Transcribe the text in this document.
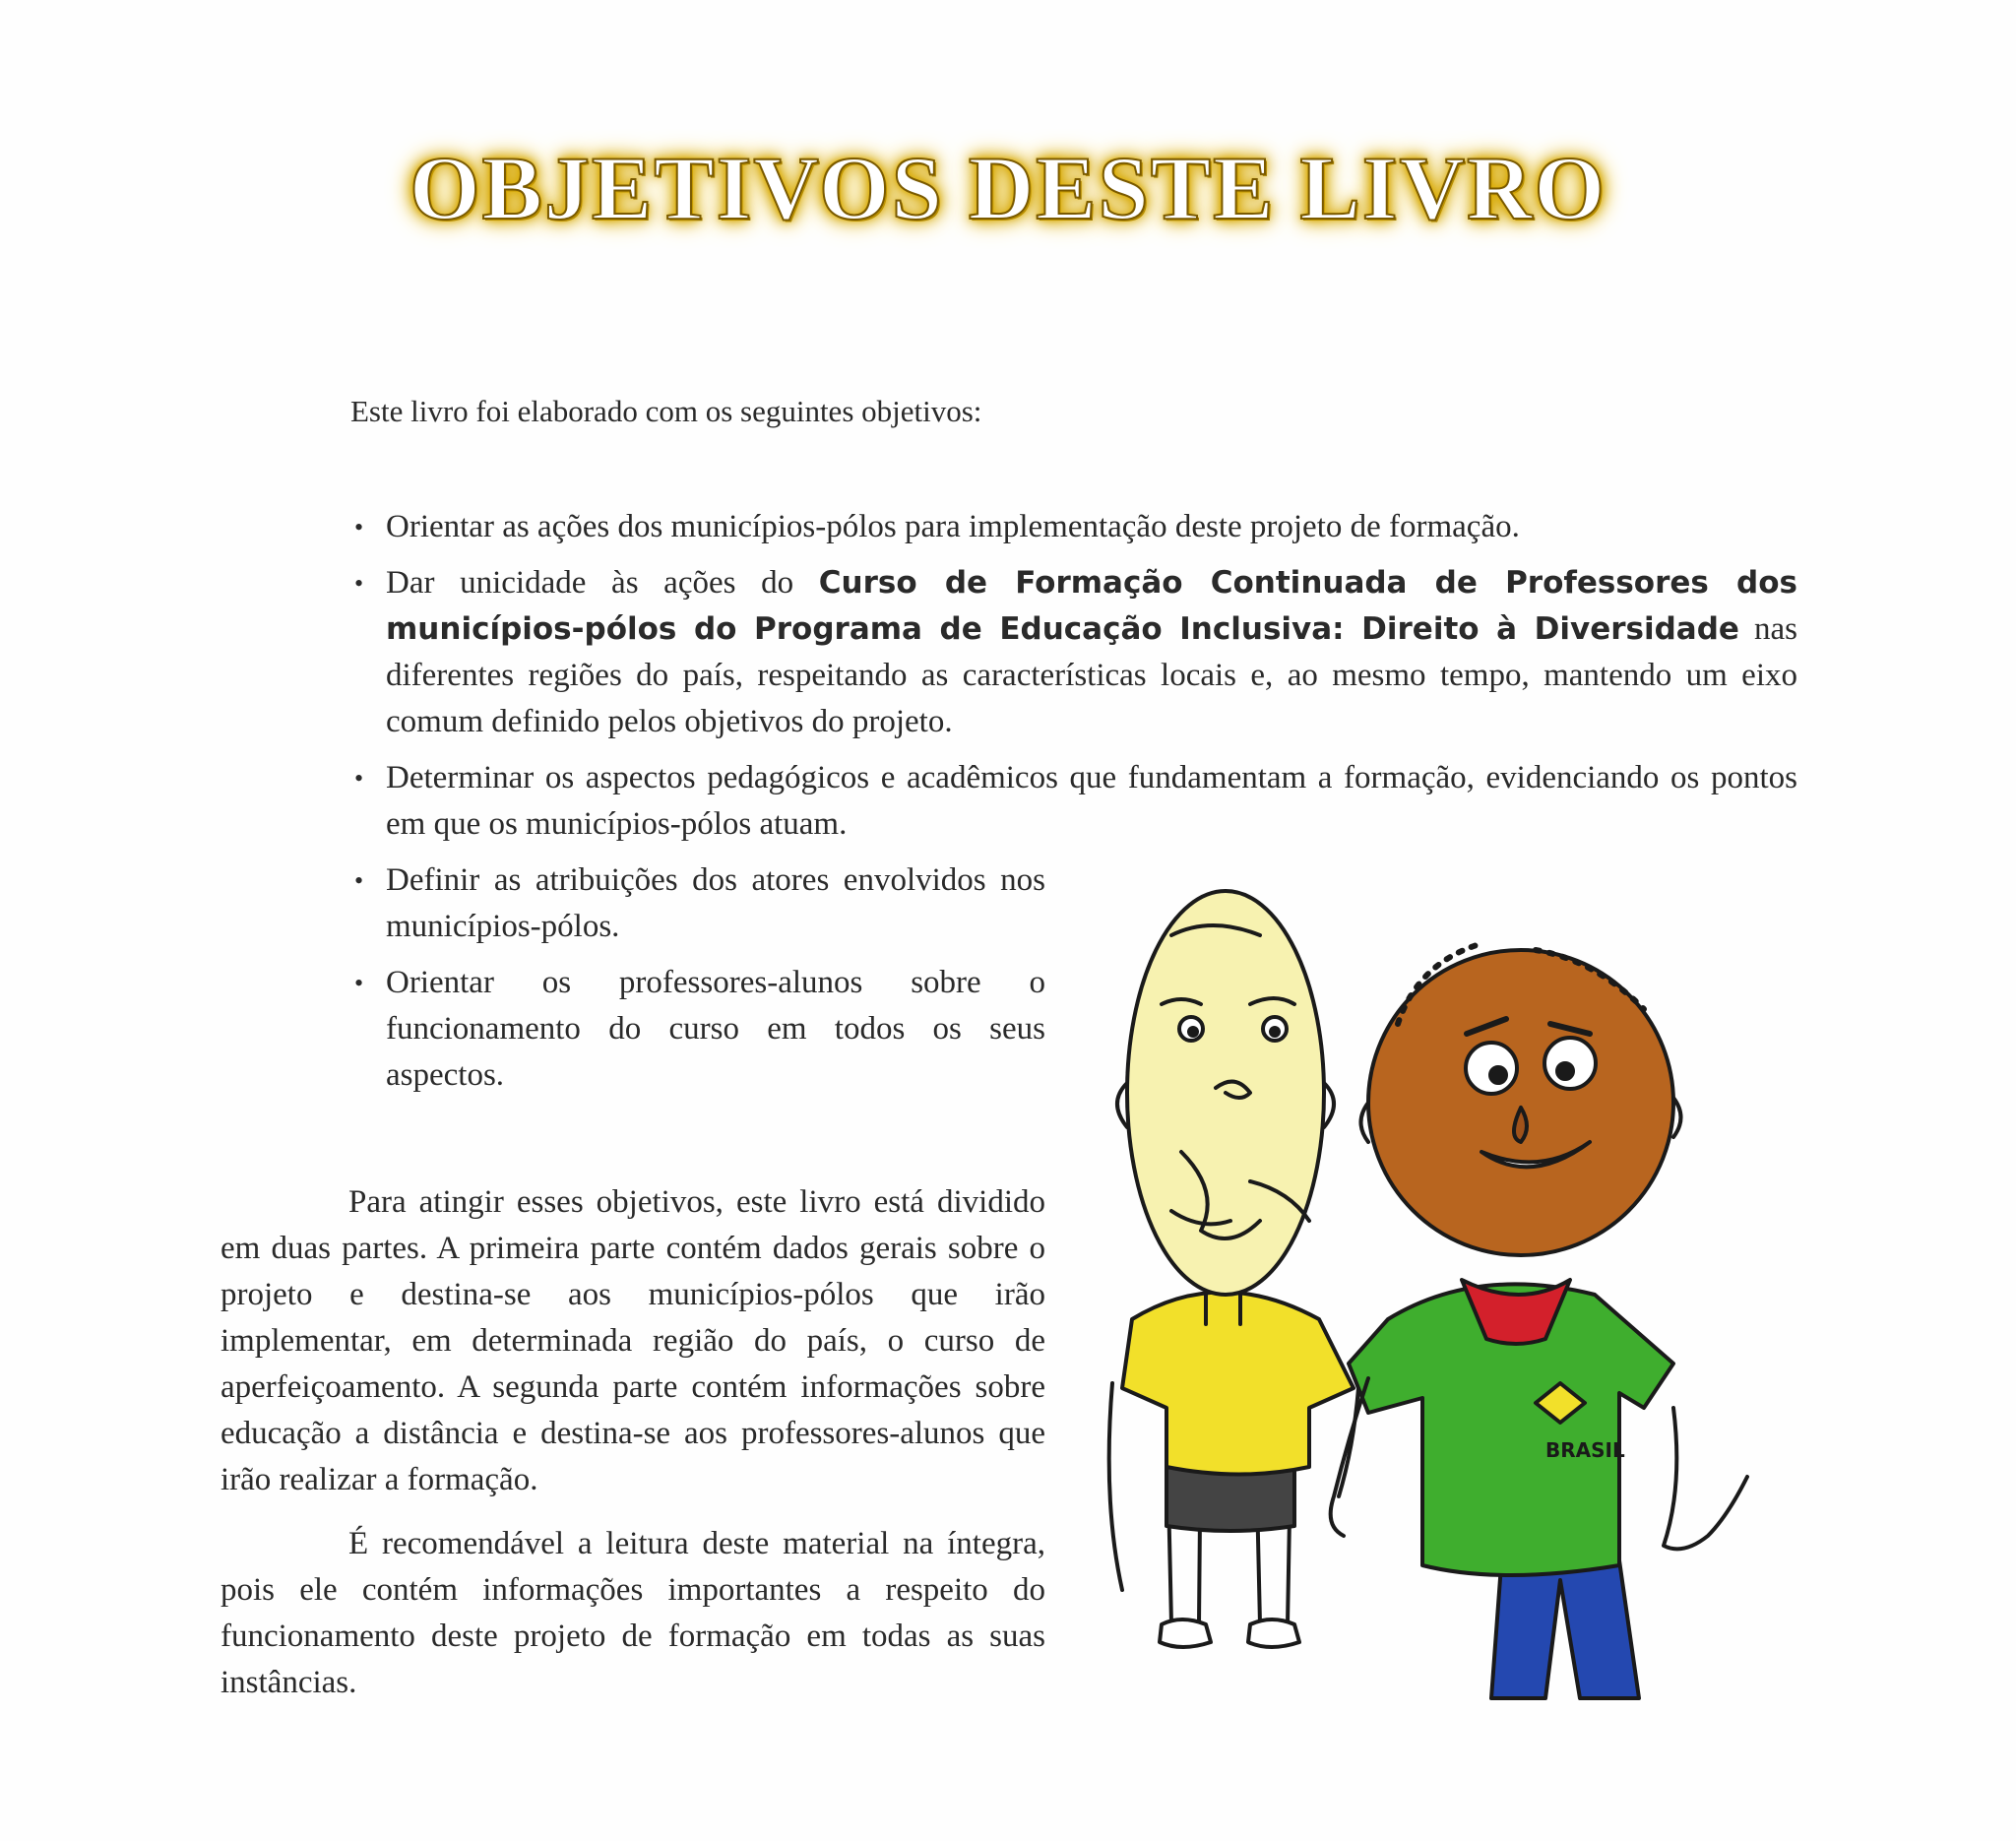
OBJETIVOS DESTE LIVRO

Este livro foi elaborado com os seguintes objetivos:

• Orientar as ações dos municípios-pólos para implementação deste projeto de formação.
• Dar unicidade às ações do Curso de Formação Continuada de Professores dos municípios-pólos do Programa de Educação Inclusiva: Direito à Diversidade nas diferentes regiões do país, respeitando as características locais e, ao mesmo tempo, mantendo um eixo comum definido pelos objetivos do projeto.
• Determinar os aspectos pedagógicos e acadêmicos que fundamentam a formação, evidenciando os pontos em que os municípios-pólos atuam.
• Definir as atribuições dos atores envolvidos nos municípios-pólos.
• Orientar os professores-alunos sobre o funcionamento do curso em todos os seus aspectos.

Para atingir esses objetivos, este livro está dividido em duas partes. A primeira parte contém dados gerais sobre o projeto e destina-se aos municípios-pólos que irão implementar, em determinada região do país, o curso de aperfeiçoamento. A segunda parte contém informações sobre educação a distância e destina-se aos professores-alunos que irão realizar a formação.

É recomendável a leitura deste material na íntegra, pois ele contém informações importantes a respeito do funcionamento deste projeto de formação em todas as suas instâncias.

BRASIL
